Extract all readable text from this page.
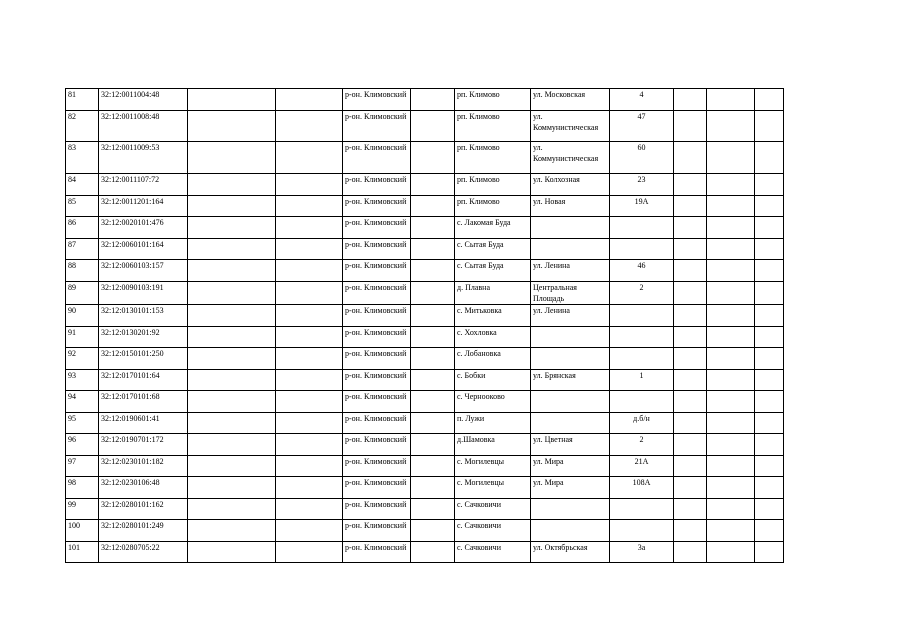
81	32:12:0011004:48			р-он. Климовский		рп. Климово	ул. Московская	4			
82	32:12:0011008:48			р-он. Климовский		рп. Климово	ул. Коммунистическая	47			
83	32:12:0011009:53			р-он. Климовский		рп. Климово	ул. Коммунистическая	60			
84	32:12:0011107:72			р-он. Климовский		рп. Климово	ул. Колхозная	23			
85	32:12:0011201:164			р-он. Климовский		рп. Климово	ул. Новая	19А			
86	32:12:0020101:476			р-он. Климовский		с. Лакомая Буда					
87	32:12:0060101:164			р-он. Климовский		с. Сытая Буда					
88	32:12:0060103:157			р-он. Климовский		с. Сытая Буда	ул. Ленина	46			
89	32:12:0090103:191			р-он. Климовский		д. Плавна	Центральная Площадь	2			
90	32:12:0130101:153			р-он. Климовский		с. Митьковка	ул. Ленина				
91	32:12:0130201:92			р-он. Климовский		с. Хохловка					
92	32:12:0150101:250			р-он. Климовский		с. Лобановка					
93	32:12:0170101:64			р-он. Климовский		с. Бобки	ул. Брянская	1			
94	32:12:0170101:68			р-он. Климовский		с. Чернооково					
95	32:12:0190601:41			р-он. Климовский		п. Лужи		д.б/н			
96	32:12:0190701:172			р-он. Климовский		д.Шамовка	ул. Цветная	2			
97	32:12:0230101:182			р-он. Климовский		с. Могилевцы	ул. Мира	21А			
98	32:12:0230106:48			р-он. Климовский		с. Могилевцы	ул. Мира	108А			
99	32:12:0280101:162			р-он. Климовский		с. Сачковичи					
100	32:12:0280101:249			р-он. Климовский		с. Сачковичи					
101	32:12:0280705:22			р-он. Климовский		с. Сачковичи	ул. Октябрьская	3а			
